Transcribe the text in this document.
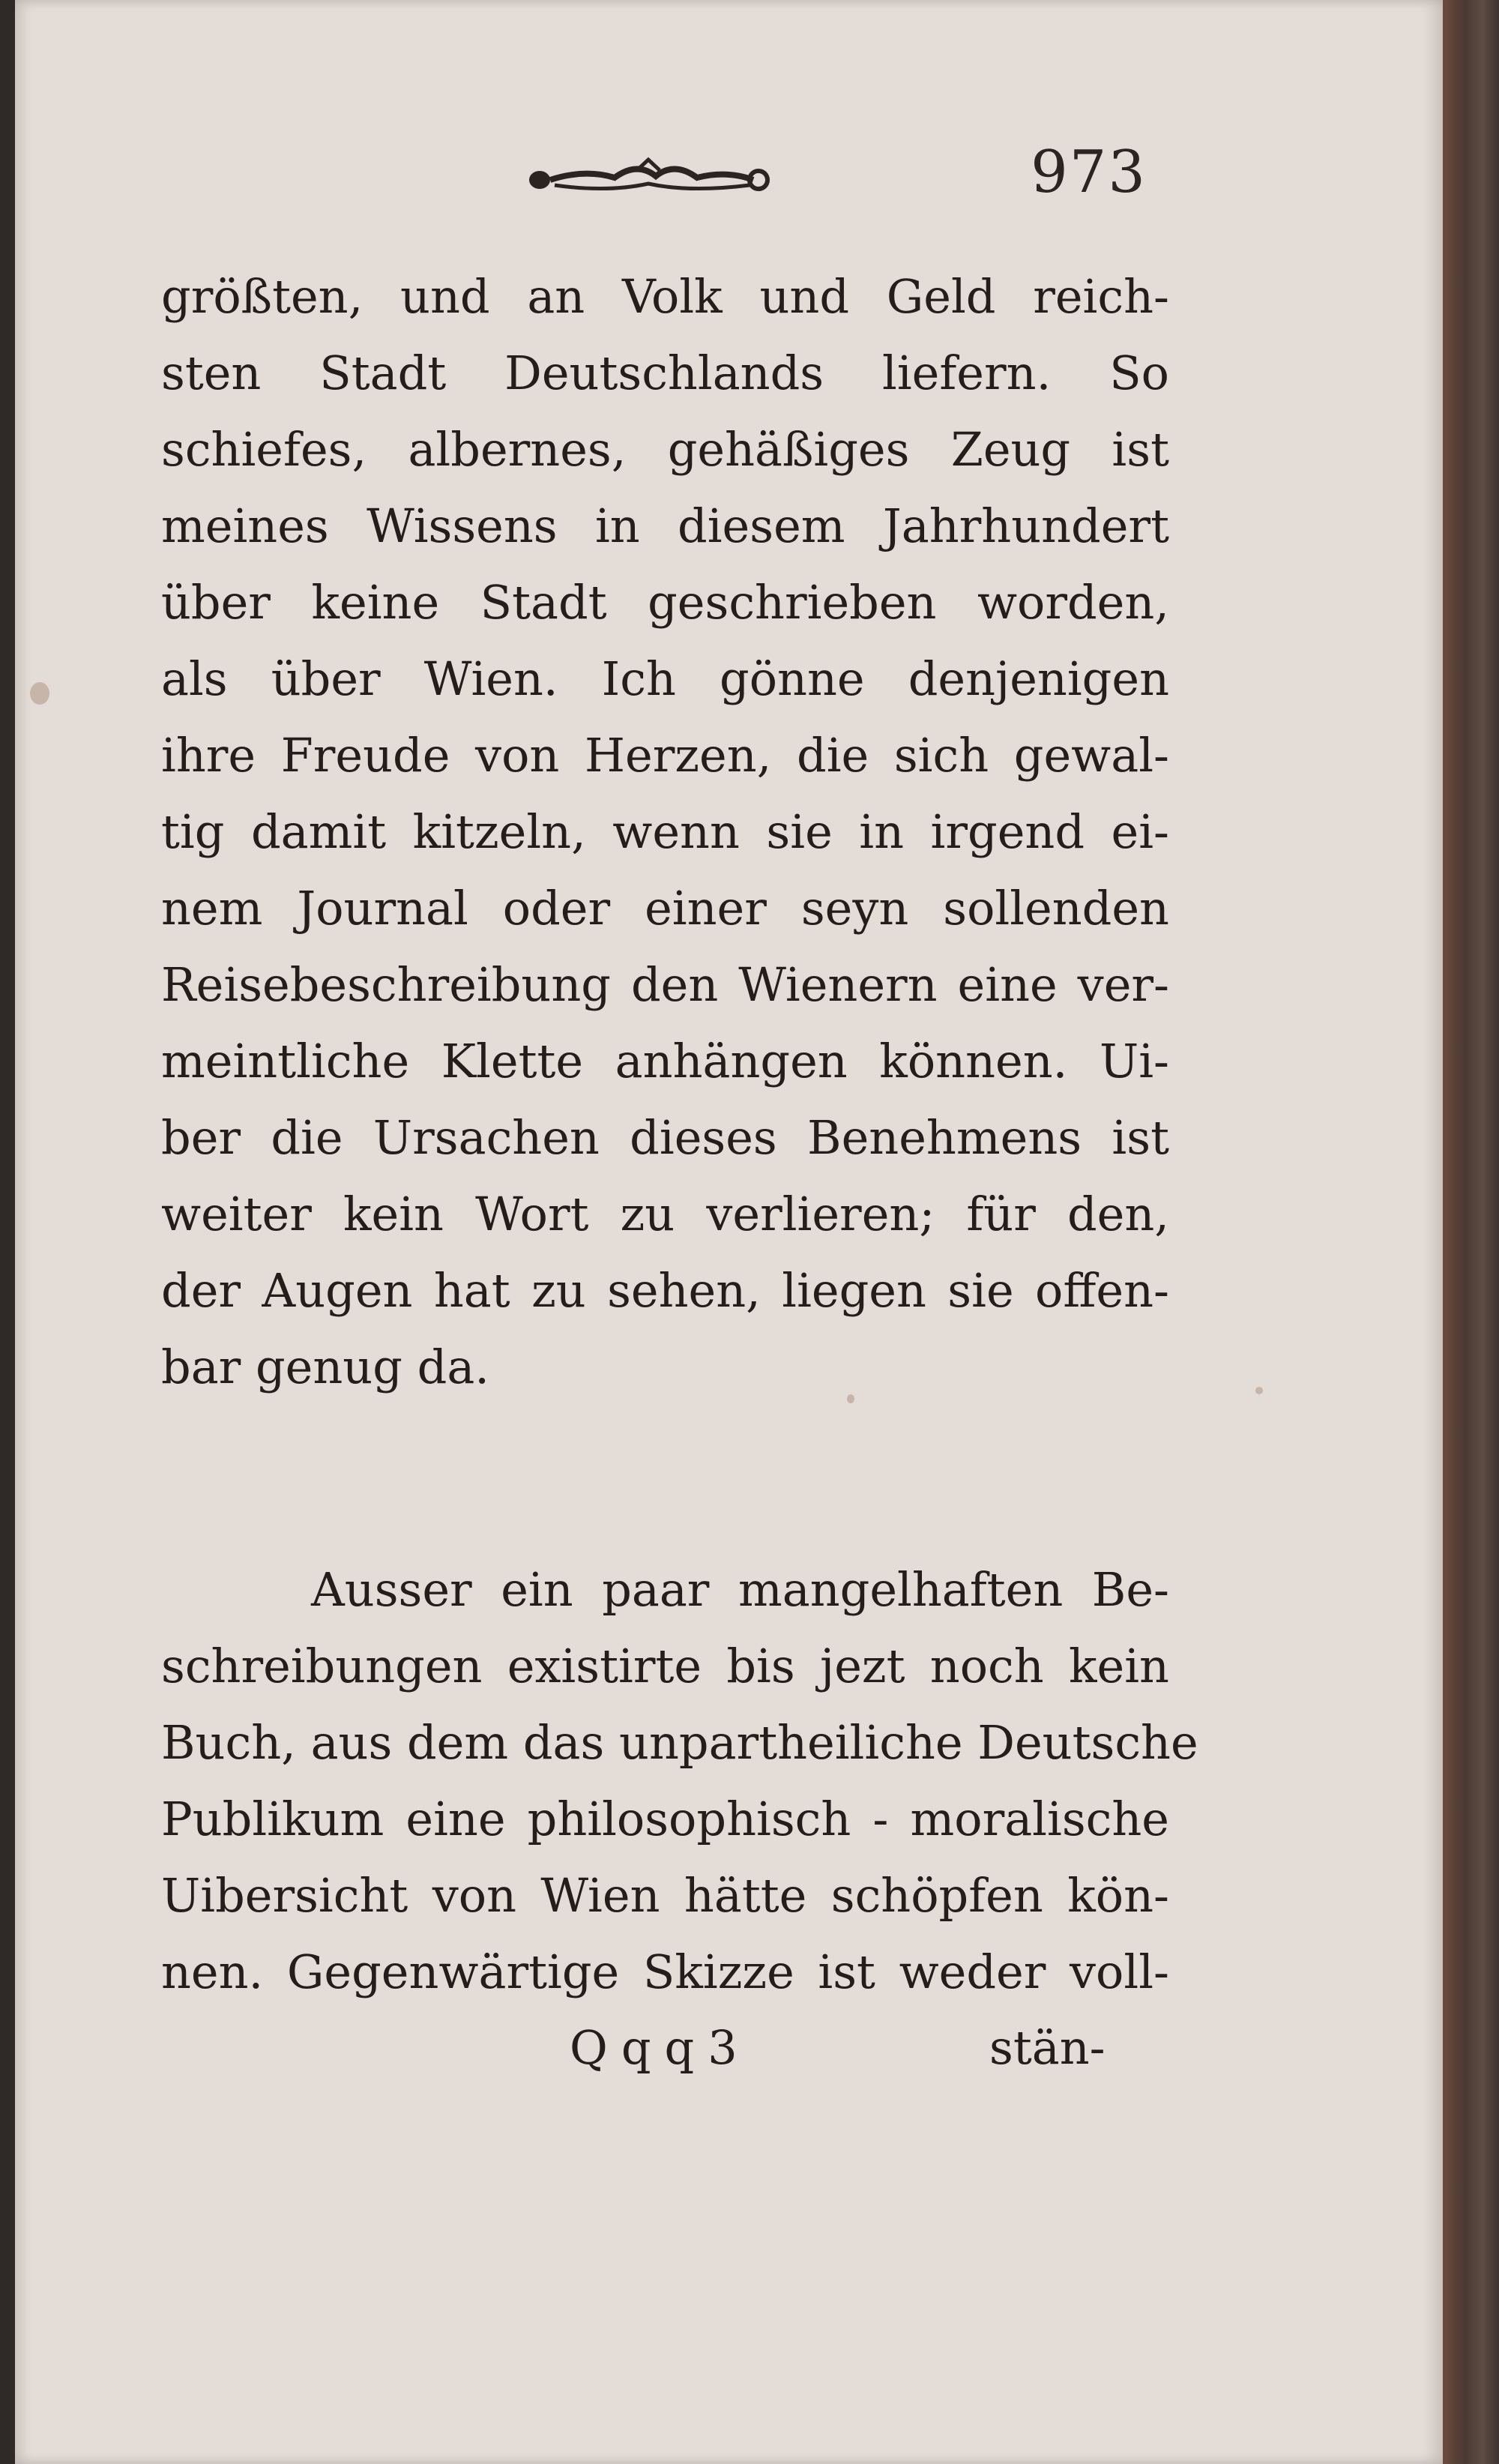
973
größten, und an Volk und Geld reich-
sten Stadt Deutschlands liefern. So
schiefes, albernes, gehäßiges Zeug ist
meines Wissens in diesem Jahrhundert
über keine Stadt geschrieben worden,
als über Wien. Ich gönne denjenigen
ihre Freude von Herzen, die sich gewal-
tig damit kitzeln, wenn sie in irgend ei-
nem Journal oder einer seyn sollenden
Reisebeschreibung den Wienern eine ver-
meintliche Klette anhängen können. Ui-
ber die Ursachen dieses Benehmens ist
weiter kein Wort zu verlieren; für den,
der Augen hat zu sehen, liegen sie offen-
bar genug da.
Ausser ein paar mangelhaften Be-
schreibungen existirte bis jezt noch kein
Buch, aus dem das unpartheiliche Deutsche
Publikum eine philosophisch - moralische
Uibersicht von Wien hätte schöpfen kön-
nen. Gegenwärtige Skizze ist weder voll-
Qqq3	stän-
